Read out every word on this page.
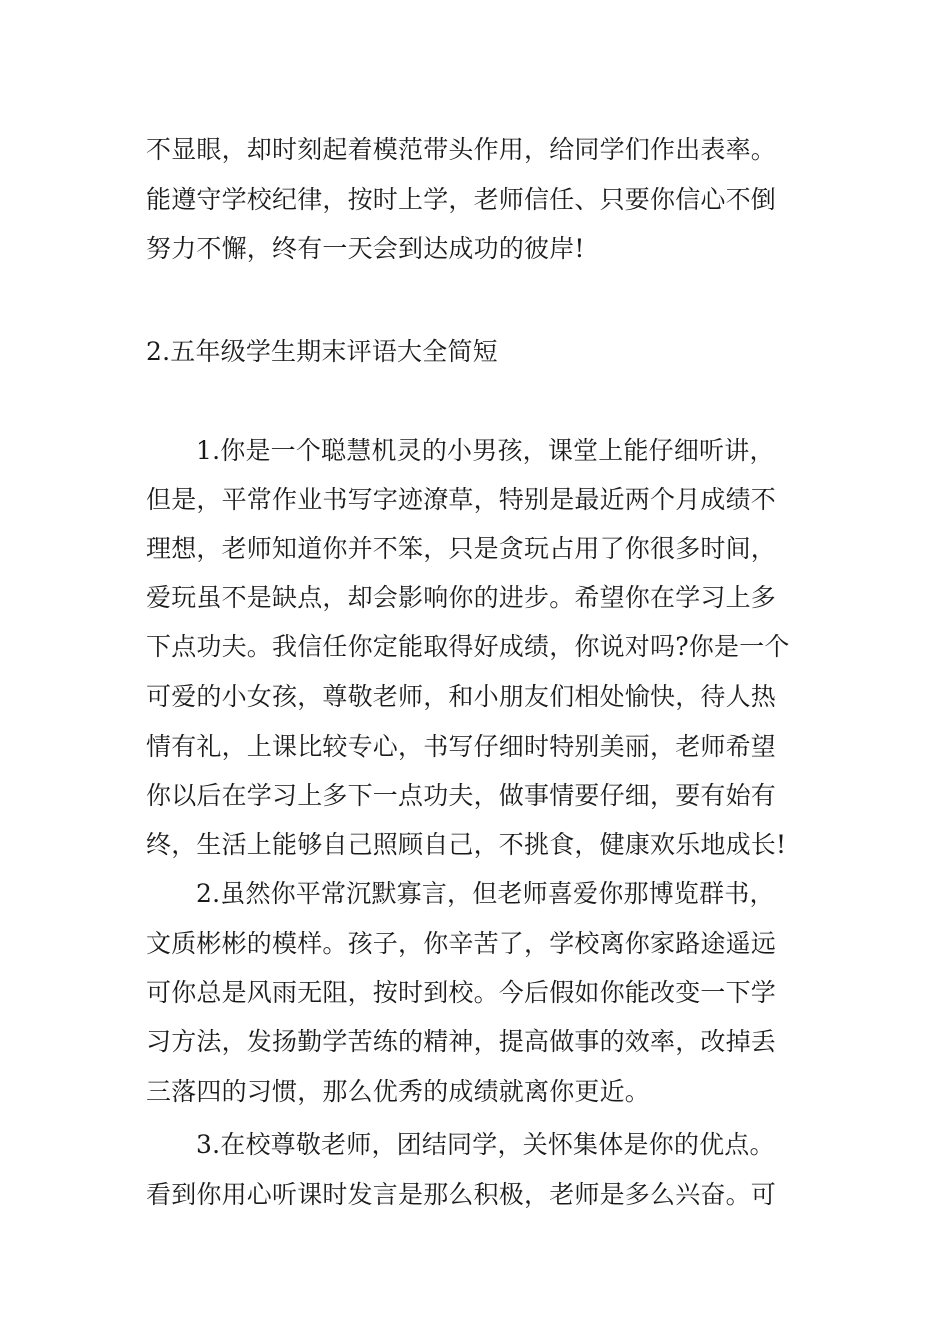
不显眼，却时刻起着模范带头作用，给同学们作出表率。
能遵守学校纪律，按时上学，老师信任、只要你信心不倒
努力不懈，终有一天会到达成功的彼岸!
2.五年级学生期末评语大全简短
1.你是一个聪慧机灵的小男孩，课堂上能仔细听讲，
但是，平常作业书写字迹潦草，特别是最近两个月成绩不
理想，老师知道你并不笨，只是贪玩占用了你很多时间，
爱玩虽不是缺点，却会影响你的进步。希望你在学习上多
下点功夫。我信任你定能取得好成绩，你说对吗?你是一个
可爱的小女孩，尊敬老师，和小朋友们相处愉快，待人热
情有礼，上课比较专心，书写仔细时特别美丽，老师希望
你以后在学习上多下一点功夫，做事情要仔细，要有始有
终，生活上能够自己照顾自己，不挑食，健康欢乐地成长!
2.虽然你平常沉默寡言，但老师喜爱你那博览群书，
文质彬彬的模样。孩子，你辛苦了，学校离你家路途遥远
可你总是风雨无阻，按时到校。今后假如你能改变一下学
习方法，发扬勤学苦练的精神，提高做事的效率，改掉丢
三落四的习惯，那么优秀的成绩就离你更近。
3.在校尊敬老师，团结同学，关怀集体是你的优点。
看到你用心听课时发言是那么积极，老师是多么兴奋。可
